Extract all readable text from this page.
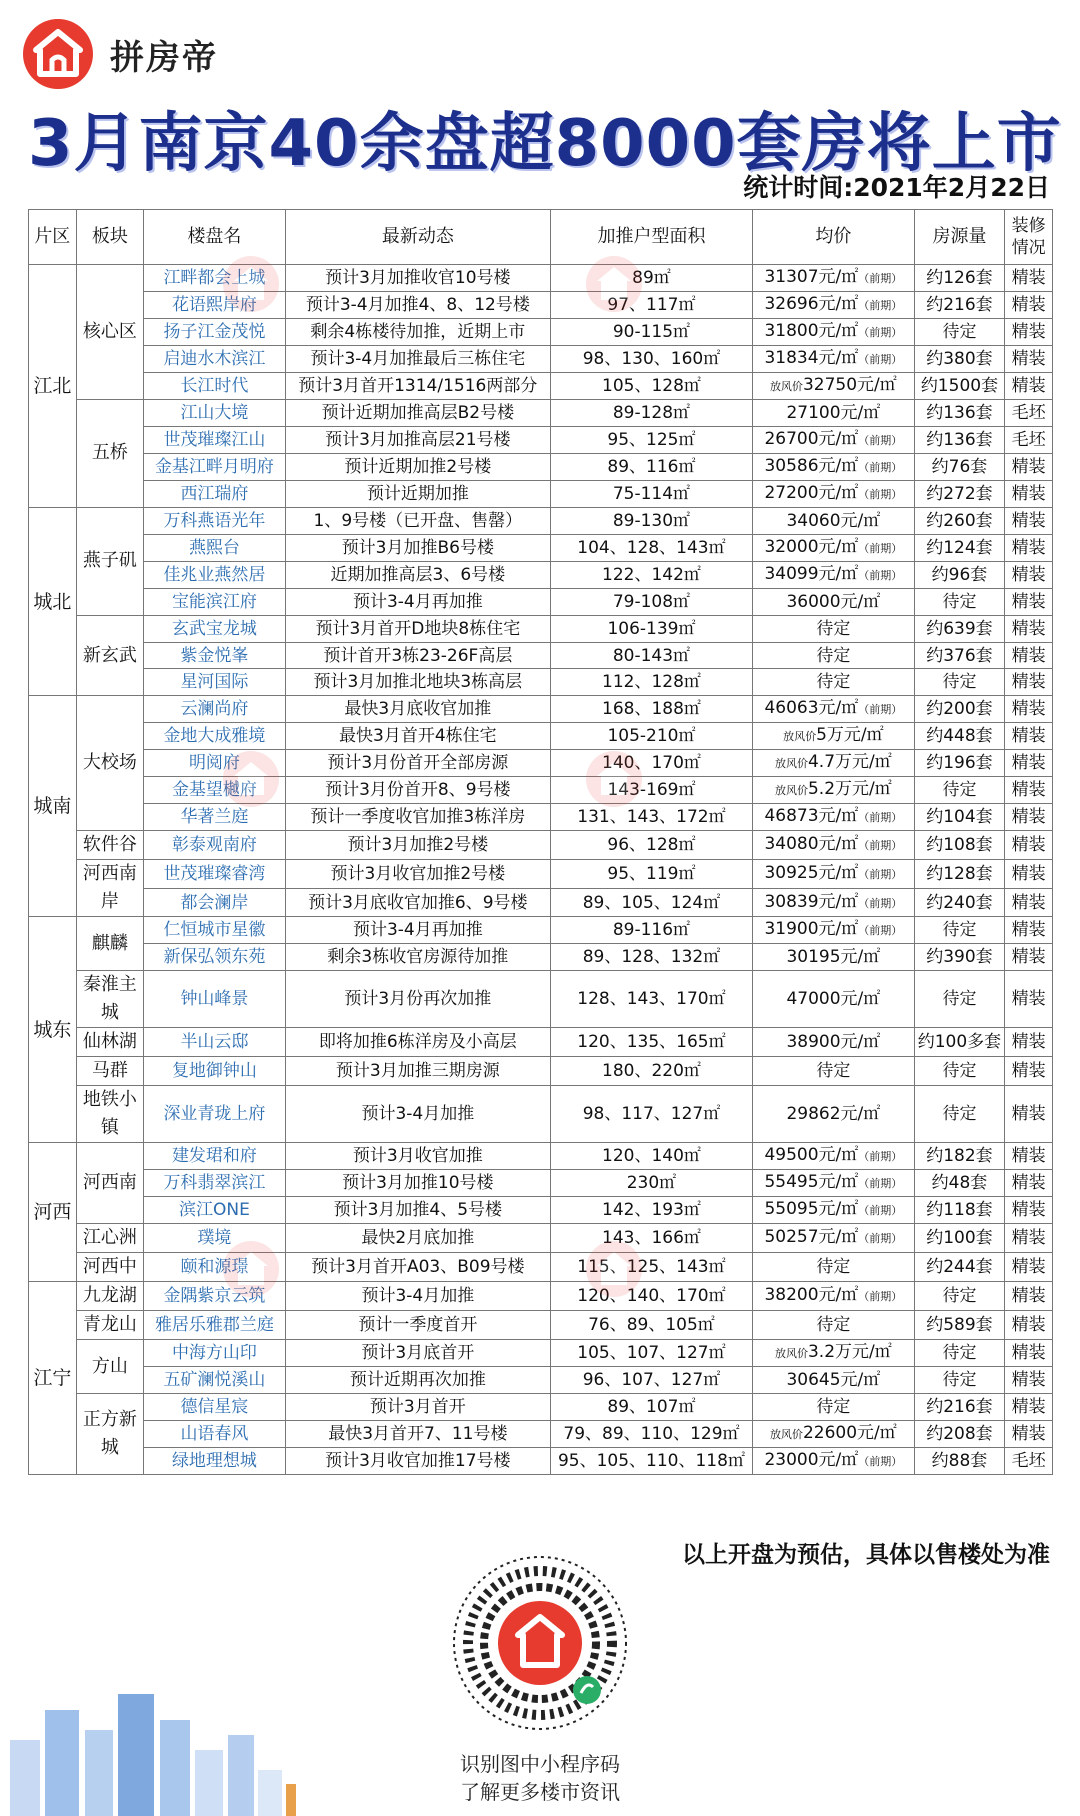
拼房帝
3月南京40余盘超8000套房将上市
统计时间:2021年2月22日
片区	板块	楼盘名	最新动态	加推户型面积	均价	房源量	装修情况
江北	核心区	江畔都会上城	预计3月加推收官10号楼	89㎡	31307元/㎡（前期）	约126套	精装
		花语熙岸府	预计3-4月加推4、8、12号楼	97、117㎡	32696元/㎡（前期）	约216套	精装
		扬子江金茂悦	剩余4栋楼待加推，近期上市	90-115㎡	31800元/㎡（前期）	待定	精装
		启迪水木滨江	预计3-4月加推最后三栋住宅	98、130、160㎡	31834元/㎡（前期）	约380套	精装
		长江时代	预计3月首开1314/1516两部分	105、128㎡	放风价32750元/㎡	约1500套	精装
	五桥	江山大境	预计近期加推高层B2号楼	89-128㎡	27100元/㎡	约136套	毛坯
		世茂璀璨江山	预计3月加推高层21号楼	95、125㎡	26700元/㎡（前期）	约136套	毛坯
		金基江畔月明府	预计近期加推2号楼	89、116㎡	30586元/㎡（前期）	约76套	精装
		西江瑞府	预计近期加推	75-114㎡	27200元/㎡（前期）	约272套	精装
城北	燕子矶	万科燕语光年	1、9号楼（已开盘、售罄）	89-130㎡	34060元/㎡	约260套	精装
		燕熙台	预计3月加推B6号楼	104、128、143㎡	32000元/㎡（前期）	约124套	精装
		佳兆业燕然居	近期加推高层3、6号楼	122、142㎡	34099元/㎡（前期）	约96套	精装
		宝能滨江府	预计3-4月再加推	79-108㎡	36000元/㎡	待定	精装
	新玄武	玄武宝龙城	预计3月首开D地块8栋住宅	106-139㎡	待定	约639套	精装
		紫金悦峯	预计首开3栋23-26F高层	80-143㎡	待定	约376套	精装
		星河国际	预计3月加推北地块3栋高层	112、128㎡	待定	待定	精装
城南	大校场	云澜尚府	最快3月底收官加推	168、188㎡	46063元/㎡（前期）	约200套	精装
		金地大成雅境	最快3月首开4栋住宅	105-210㎡	放风价5万元/㎡	约448套	精装
		明阅府	预计3月份首开全部房源	140、170㎡	放风价4.7万元/㎡	约196套	精装
		金基望樾府	预计3月份首开8、9号楼	143-169㎡	放风价5.2万元/㎡	待定	精装
		华著兰庭	预计一季度收官加推3栋洋房	131、143、172㎡	46873元/㎡（前期）	约104套	精装
	软件谷	彰泰观南府	预计3月加推2号楼	96、128㎡	34080元/㎡（前期）	约108套	精装
	河西南岸	世茂璀璨睿湾	预计3月收官加推2号楼	95、119㎡	30925元/㎡（前期）	约128套	精装
		都会澜岸	预计3月底收官加推6、9号楼	89、105、124㎡	30839元/㎡（前期）	约240套	精装
城东	麒麟	仁恒城市星徽	预计3-4月再加推	89-116㎡	31900元/㎡（前期）	待定	精装
		新保弘领东苑	剩余3栋收官房源待加推	89、128、132㎡	30195元/㎡	约390套	精装
	秦淮主城	钟山峰景	预计3月份再次加推	128、143、170㎡	47000元/㎡	待定	精装
	仙林湖	半山云邸	即将加推6栋洋房及小高层	120、135、165㎡	38900元/㎡	约100多套	精装
	马群	复地御钟山	预计3月加推三期房源	180、220㎡	待定	待定	精装
	地铁小镇	深业青珑上府	预计3-4月加推	98、117、127㎡	29862元/㎡	待定	精装
河西	河西南	建发珺和府	预计3月收官加推	120、140㎡	49500元/㎡（前期）	约182套	精装
		万科翡翠滨江	预计3月加推10号楼	230㎡	55495元/㎡（前期）	约48套	精装
		滨江ONE	预计3月加推4、5号楼	142、193㎡	55095元/㎡（前期）	约118套	精装
	江心洲	璞境	最快2月底加推	143、166㎡	50257元/㎡（前期）	约100套	精装
	河西中	颐和源璟	预计3月首开A03、B09号楼	115、125、143㎡	待定	约244套	精装
江宁	九龙湖	金隅紫京云筑	预计3-4月加推	120、140、170㎡	38200元/㎡（前期）	待定	精装
	青龙山	雅居乐雅郡兰庭	预计一季度首开	76、89、105㎡	待定	约589套	精装
	方山	中海方山印	预计3月底首开	105、107、127㎡	放风价3.2万元/㎡	待定	精装
		五矿澜悦溪山	预计近期再次加推	96、107、127㎡	30645元/㎡	待定	精装
	正方新城	德信星宸	预计3月首开	89、107㎡	待定	约216套	精装
		山语春风	最快3月首开7、11号楼	79、89、110、129㎡	放风价22600元/㎡	约208套	精装
		绿地理想城	预计3月收官加推17号楼	95、105、110、118㎡	23000元/㎡（前期）	约88套	毛坯
以上开盘为预估，具体以售楼处为准
识别图中小程序码
了解更多楼市资讯
